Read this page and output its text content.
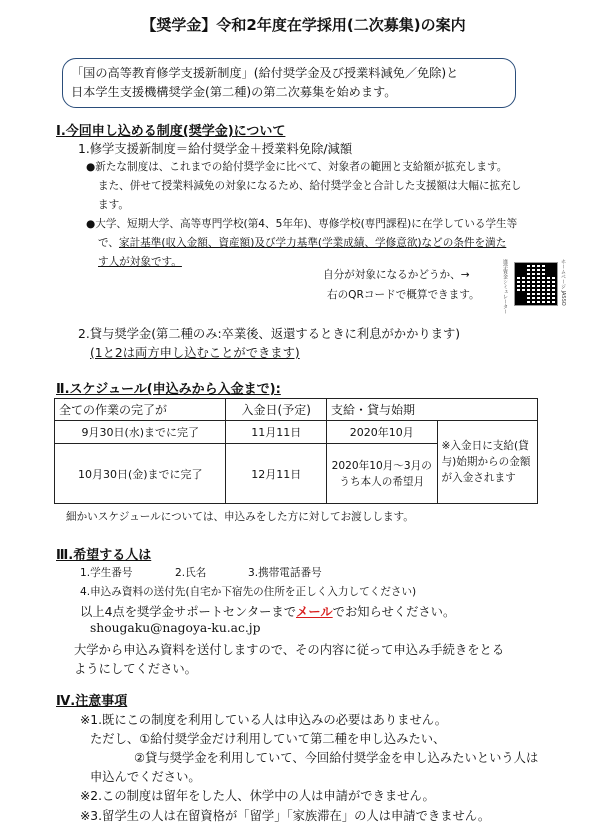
【奨学金】令和2年度在学採用(二次募集)の案内
「国の高等教育修学支援新制度」(給付奨学金及び授業料減免／免除)と
日本学生支援機構奨学金(第二種)の第二次募集を始めます。
Ⅰ.今回申し込める制度(奨学金)について
1.修学支援新制度＝給付奨学金＋授業料免除/減額
●新たな制度は、これまでの給付奨学金に比べて、対象者の範囲と支給額が拡充します。
また、併せて授業料減免の対象になるため、給付奨学金と合計した支援額は大幅に拡充し
ます。
●大学、短期大学、高等専門学校(第4、5年年)、専修学校(専門課程)に在学している学生等
で、家計基準(収入金額、資産額)及び学力基準(学業成績、学修意欲)などの条件を満た
す人が対象です。
自分が対象になるかどうか、→
右のQRコードで概算できます。	進学資金シミュレーター	ホームページ JASSO
2.貸与奨学金(第二種のみ:卒業後、返還するときに利息がかかります)
(1と2は両方申し込むことができます)
Ⅱ.スケジュール(申込みから入金まで):
全ての作業の完了が	入金日(予定)	支給・貸与始期	
9月30日(水)までに完了	11月11日	2020年10月	※入金日に支給(貸与)始期からの金額が入金されます
10月30日(金)までに完了	12月11日	2020年10月～3月のうち本人の希望月	
細かいスケジュールについては、申込みをした方に対してお渡しします。
Ⅲ.希望する人は
1.学生番号	2.氏名	3.携帯電話番号
4.申込み資料の送付先(自宅か下宿先の住所を正しく入力してください)
以上4点を奨学金サポートセンターまでメールでお知らせください。
shougaku@nagoya-ku.ac.jp
大学から申込み資料を送付しますので、その内容に従って申込み手続きをとる
ようにしてください。
Ⅳ.注意事項
※1.既にこの制度を利用している人は申込みの必要はありません。
ただし、①給付奨学金だけ利用していて第二種を申し込みたい、
②貸与奨学金を利用していて、今回給付奨学金を申し込みたいという人は
申込んでください。
※2.この制度は留年をした人、休学中の人は申請ができません。
※3.留学生の人は在留資格が「留学」「家族滞在」の人は申請できません。
